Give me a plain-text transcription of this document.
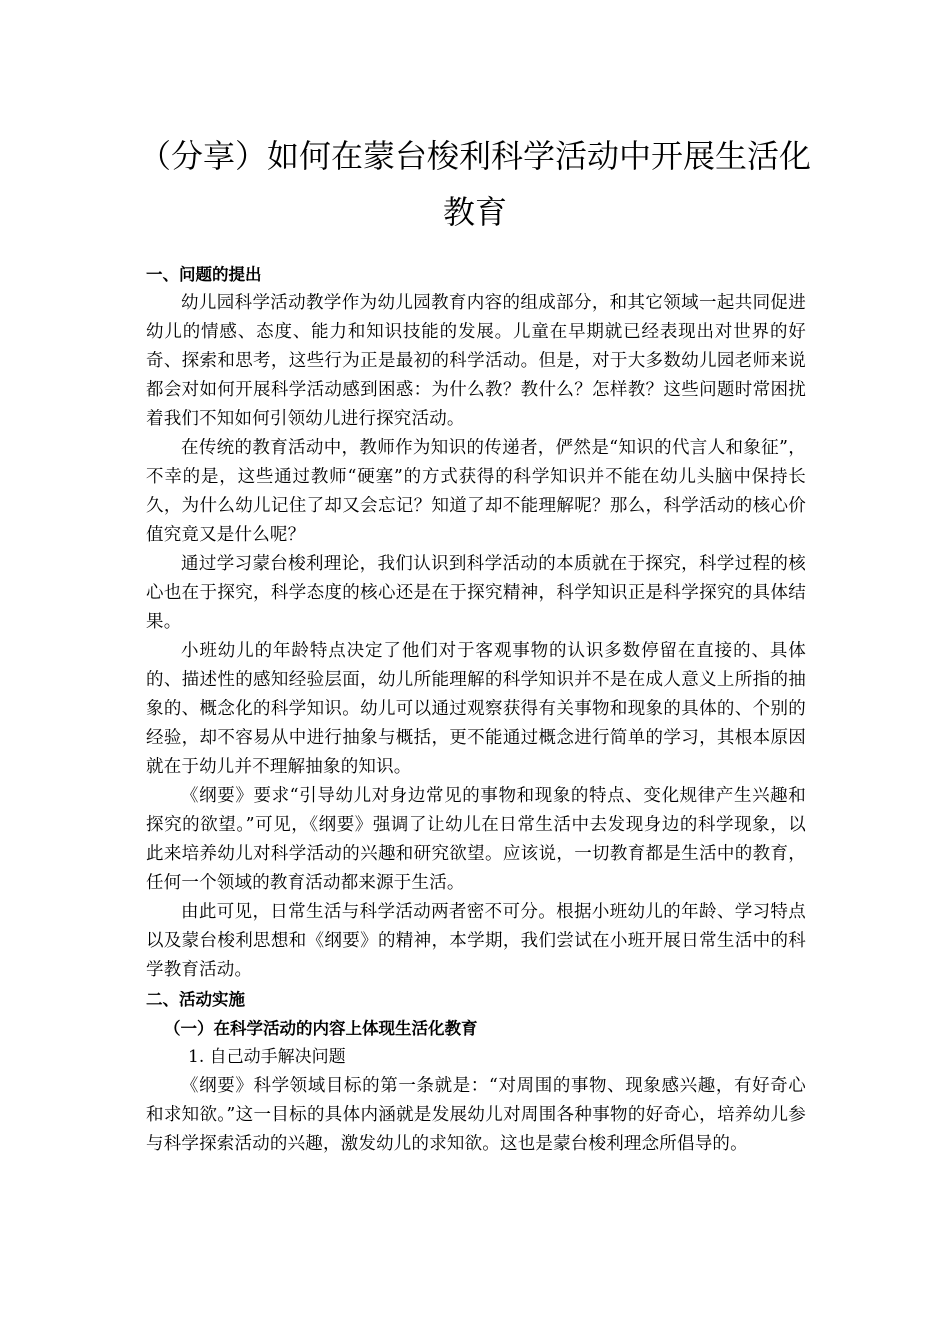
（分享）如何在蒙台梭利科学活动中开展生活化
教育

一、问题的提出

幼儿园科学活动教学作为幼儿园教育内容的组成部分，和其它领域一起共同促进幼儿的情感、态度、能力和知识技能的发展。儿童在早期就已经表现出对世界的好奇、探索和思考，这些行为正是最初的科学活动。但是，对于大多数幼儿园老师来说都会对如何开展科学活动感到困惑：为什么教？教什么？怎样教？这些问题时常困扰着我们不知如何引领幼儿进行探究活动。

在传统的教育活动中，教师作为知识的传递者，俨然是“知识的代言人和象征”，不幸的是，这些通过教师“硬塞”的方式获得的科学知识并不能在幼儿头脑中保持长久，为什么幼儿记住了却又会忘记？知道了却不能理解呢？那么，科学活动的核心价值究竟又是什么呢？

通过学习蒙台梭利理论，我们认识到科学活动的本质就在于探究，科学过程的核心也在于探究，科学态度的核心还是在于探究精神，科学知识正是科学探究的具体结果。

小班幼儿的年龄特点决定了他们对于客观事物的认识多数停留在直接的、具体的、描述性的感知经验层面，幼儿所能理解的科学知识并不是在成人意义上所指的抽象的、概念化的科学知识。幼儿可以通过观察获得有关事物和现象的具体的、个别的经验，却不容易从中进行抽象与概括，更不能通过概念进行简单的学习，其根本原因就在于幼儿并不理解抽象的知识。

《纲要》要求“引导幼儿对身边常见的事物和现象的特点、变化规律产生兴趣和探究的欲望。”可见，《纲要》强调了让幼儿在日常生活中去发现身边的科学现象，以此来培养幼儿对科学活动的兴趣和研究欲望。应该说，一切教育都是生活中的教育，任何一个领域的教育活动都来源于生活。

由此可见，日常生活与科学活动两者密不可分。根据小班幼儿的年龄、学习特点以及蒙台梭利思想和《纲要》的精神，本学期，我们尝试在小班开展日常生活中的科学教育活动。

二、活动实施

（一）在科学活动的内容上体现生活化教育

1. 自己动手解决问题

《纲要》科学领域目标的第一条就是：“对周围的事物、现象感兴趣，有好奇心和求知欲。”这一目标的具体内涵就是发展幼儿对周围各种事物的好奇心，培养幼儿参与科学探索活动的兴趣，激发幼儿的求知欲。这也是蒙台梭利理念所倡导的。
